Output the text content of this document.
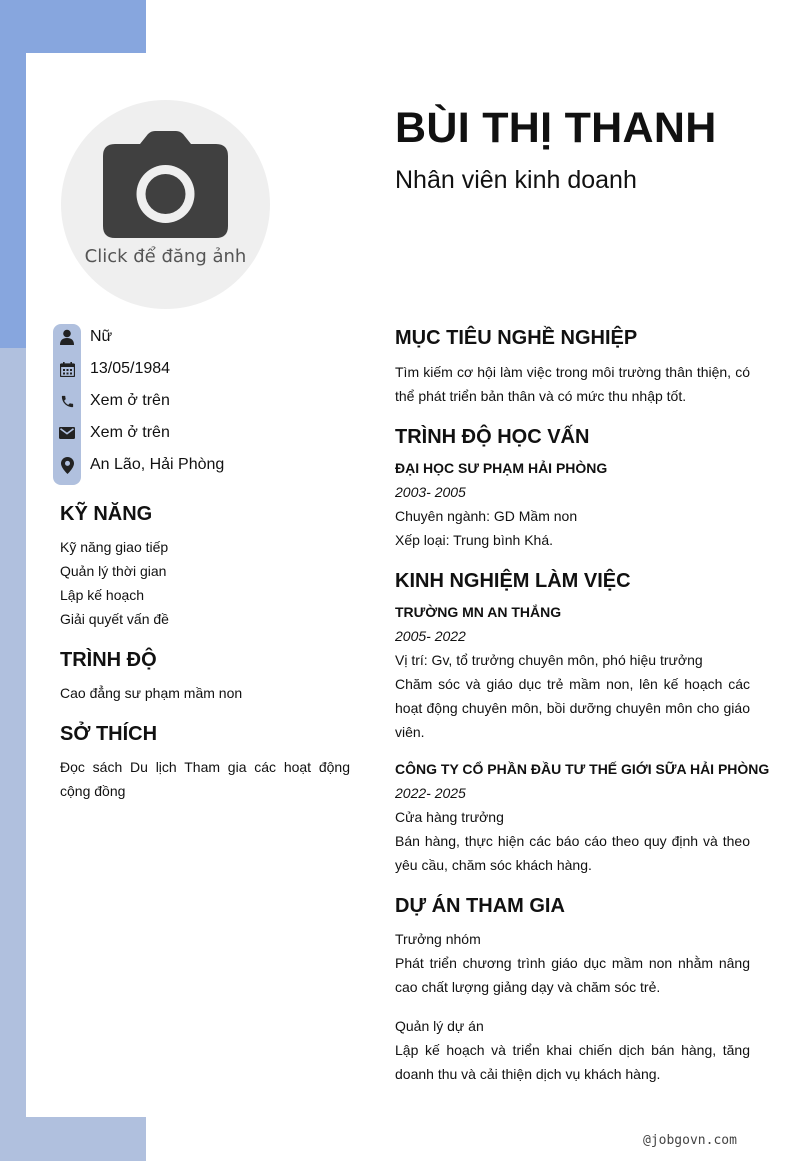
Click để đăng ảnh
BÙI THỊ THANH
Nhân viên kinh doanh
Nữ
13/05/1984
Xem ở trên
Xem ở trên
An Lão, Hải Phòng
KỸ NĂNG
Kỹ năng giao tiếp
Quản lý thời gian
Lập kế hoạch
Giải quyết vấn đề
TRÌNH ĐỘ
Cao đẳng sư phạm mầm non
SỞ THÍCH
Đọc sách Du lịch Tham gia các hoạt động cộng đồng
MỤC TIÊU NGHỀ NGHIỆP
Tìm kiếm cơ hội làm việc trong môi trường thân thiện, có thể phát triển bản thân và có mức thu nhập tốt.
TRÌNH ĐỘ HỌC VẤN
ĐẠI HỌC SƯ PHẠM HẢI PHÒNG
2003- 2005
Chuyên ngành: GD Mầm non
Xếp loại: Trung bình Khá.
KINH NGHIỆM LÀM VIỆC
TRƯỜNG MN AN THẮNG
2005- 2022
Vị trí: Gv, tổ trưởng chuyên môn, phó hiệu trưởng
Chăm sóc và giáo dục trẻ mầm non, lên kế hoạch các hoạt động chuyên môn, bồi dưỡng chuyên môn cho giáo viên.
CÔNG TY CỔ PHẦN ĐẦU TƯ THẾ GIỚI SỮA HẢI PHÒNG
2022- 2025
Cửa hàng trưởng
Bán hàng, thực hiện các báo cáo theo quy định và theo yêu cầu, chăm sóc khách hàng.
DỰ ÁN THAM GIA
Trưởng nhóm
Phát triển chương trình giáo dục mầm non nhằm nâng cao chất lượng giảng dạy và chăm sóc trẻ.
Quản lý dự án
Lập kế hoạch và triển khai chiến dịch bán hàng, tăng doanh thu và cải thiện dịch vụ khách hàng.
@jobgovn.com
